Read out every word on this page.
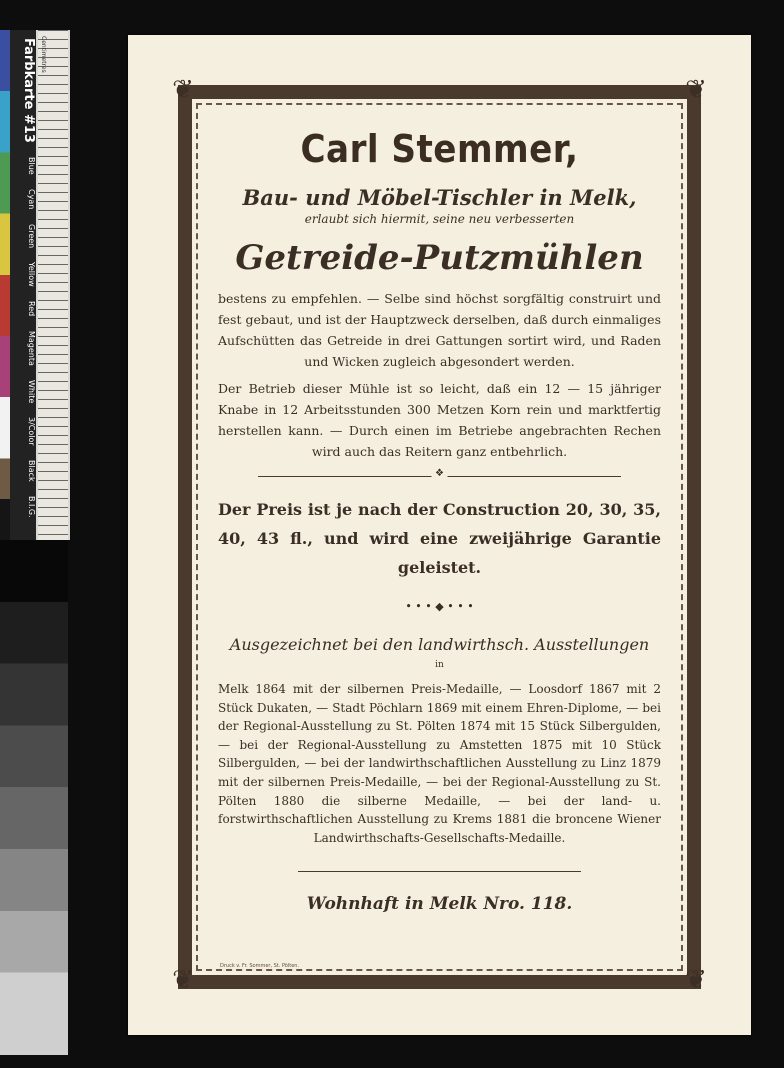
Farbkarte #13
Blue
Cyan
Green
Yellow
Red
Magenta
White
3/Color
Black
B.I.G.
Centimetres
❦	❦
❦	❦

Carl Stemmer,

Bau- und Möbel-Tischler in Melk,

erlaubt sich hiermit, seine neu verbesserten

Getreide-Putzmühlen

bestens zu empfehlen. — Selbe sind höchst sorgfältig construirt und fest gebaut, und ist der Hauptzweck derselben, daß durch einmaliges Aufschütten das Getreide in drei Gattungen sortirt wird, und Raden und Wicken zugleich abgesondert werden.

Der Betrieb dieser Mühle ist so leicht, daß ein 12 — 15 jähriger Knabe in 12 Arbeitsstunden 300 Metzen Korn rein und marktfertig herstellen kann. — Durch einen im Betriebe angebrachten Rechen wird auch das Reitern ganz entbehrlich.

❖

Der Preis ist je nach der Construction 20, 30, 35, 40, 43 fl., und wird eine zweijährige Garantie geleistet.

• • • ◆ • • •

Ausgezeichnet bei den landwirthsch. Ausstellungen

in

Melk 1864 mit der silbernen Preis-Medaille, — Loosdorf 1867 mit 2 Stück Dukaten, — Stadt Pöchlarn 1869 mit einem Ehren-Diplome, — bei der Regional-Ausstellung zu St. Pölten 1874 mit 15 Stück Silbergulden, — bei der Regional-Ausstellung zu Amstetten 1875 mit 10 Stück Silbergulden, — bei der landwirthschaftlichen Ausstellung zu Linz 1879 mit der silbernen Preis-Medaille, — bei der Regional-Ausstellung zu St. Pölten 1880 die silberne Medaille, — bei der land- u. forstwirthschaftlichen Ausstellung zu Krems 1881 die broncene Wiener Landwirthschafts-Gesellschafts-Medaille.

Wohnhaft in Melk Nro. 118.

Druck v. Fr. Sommer, St. Pölten.
